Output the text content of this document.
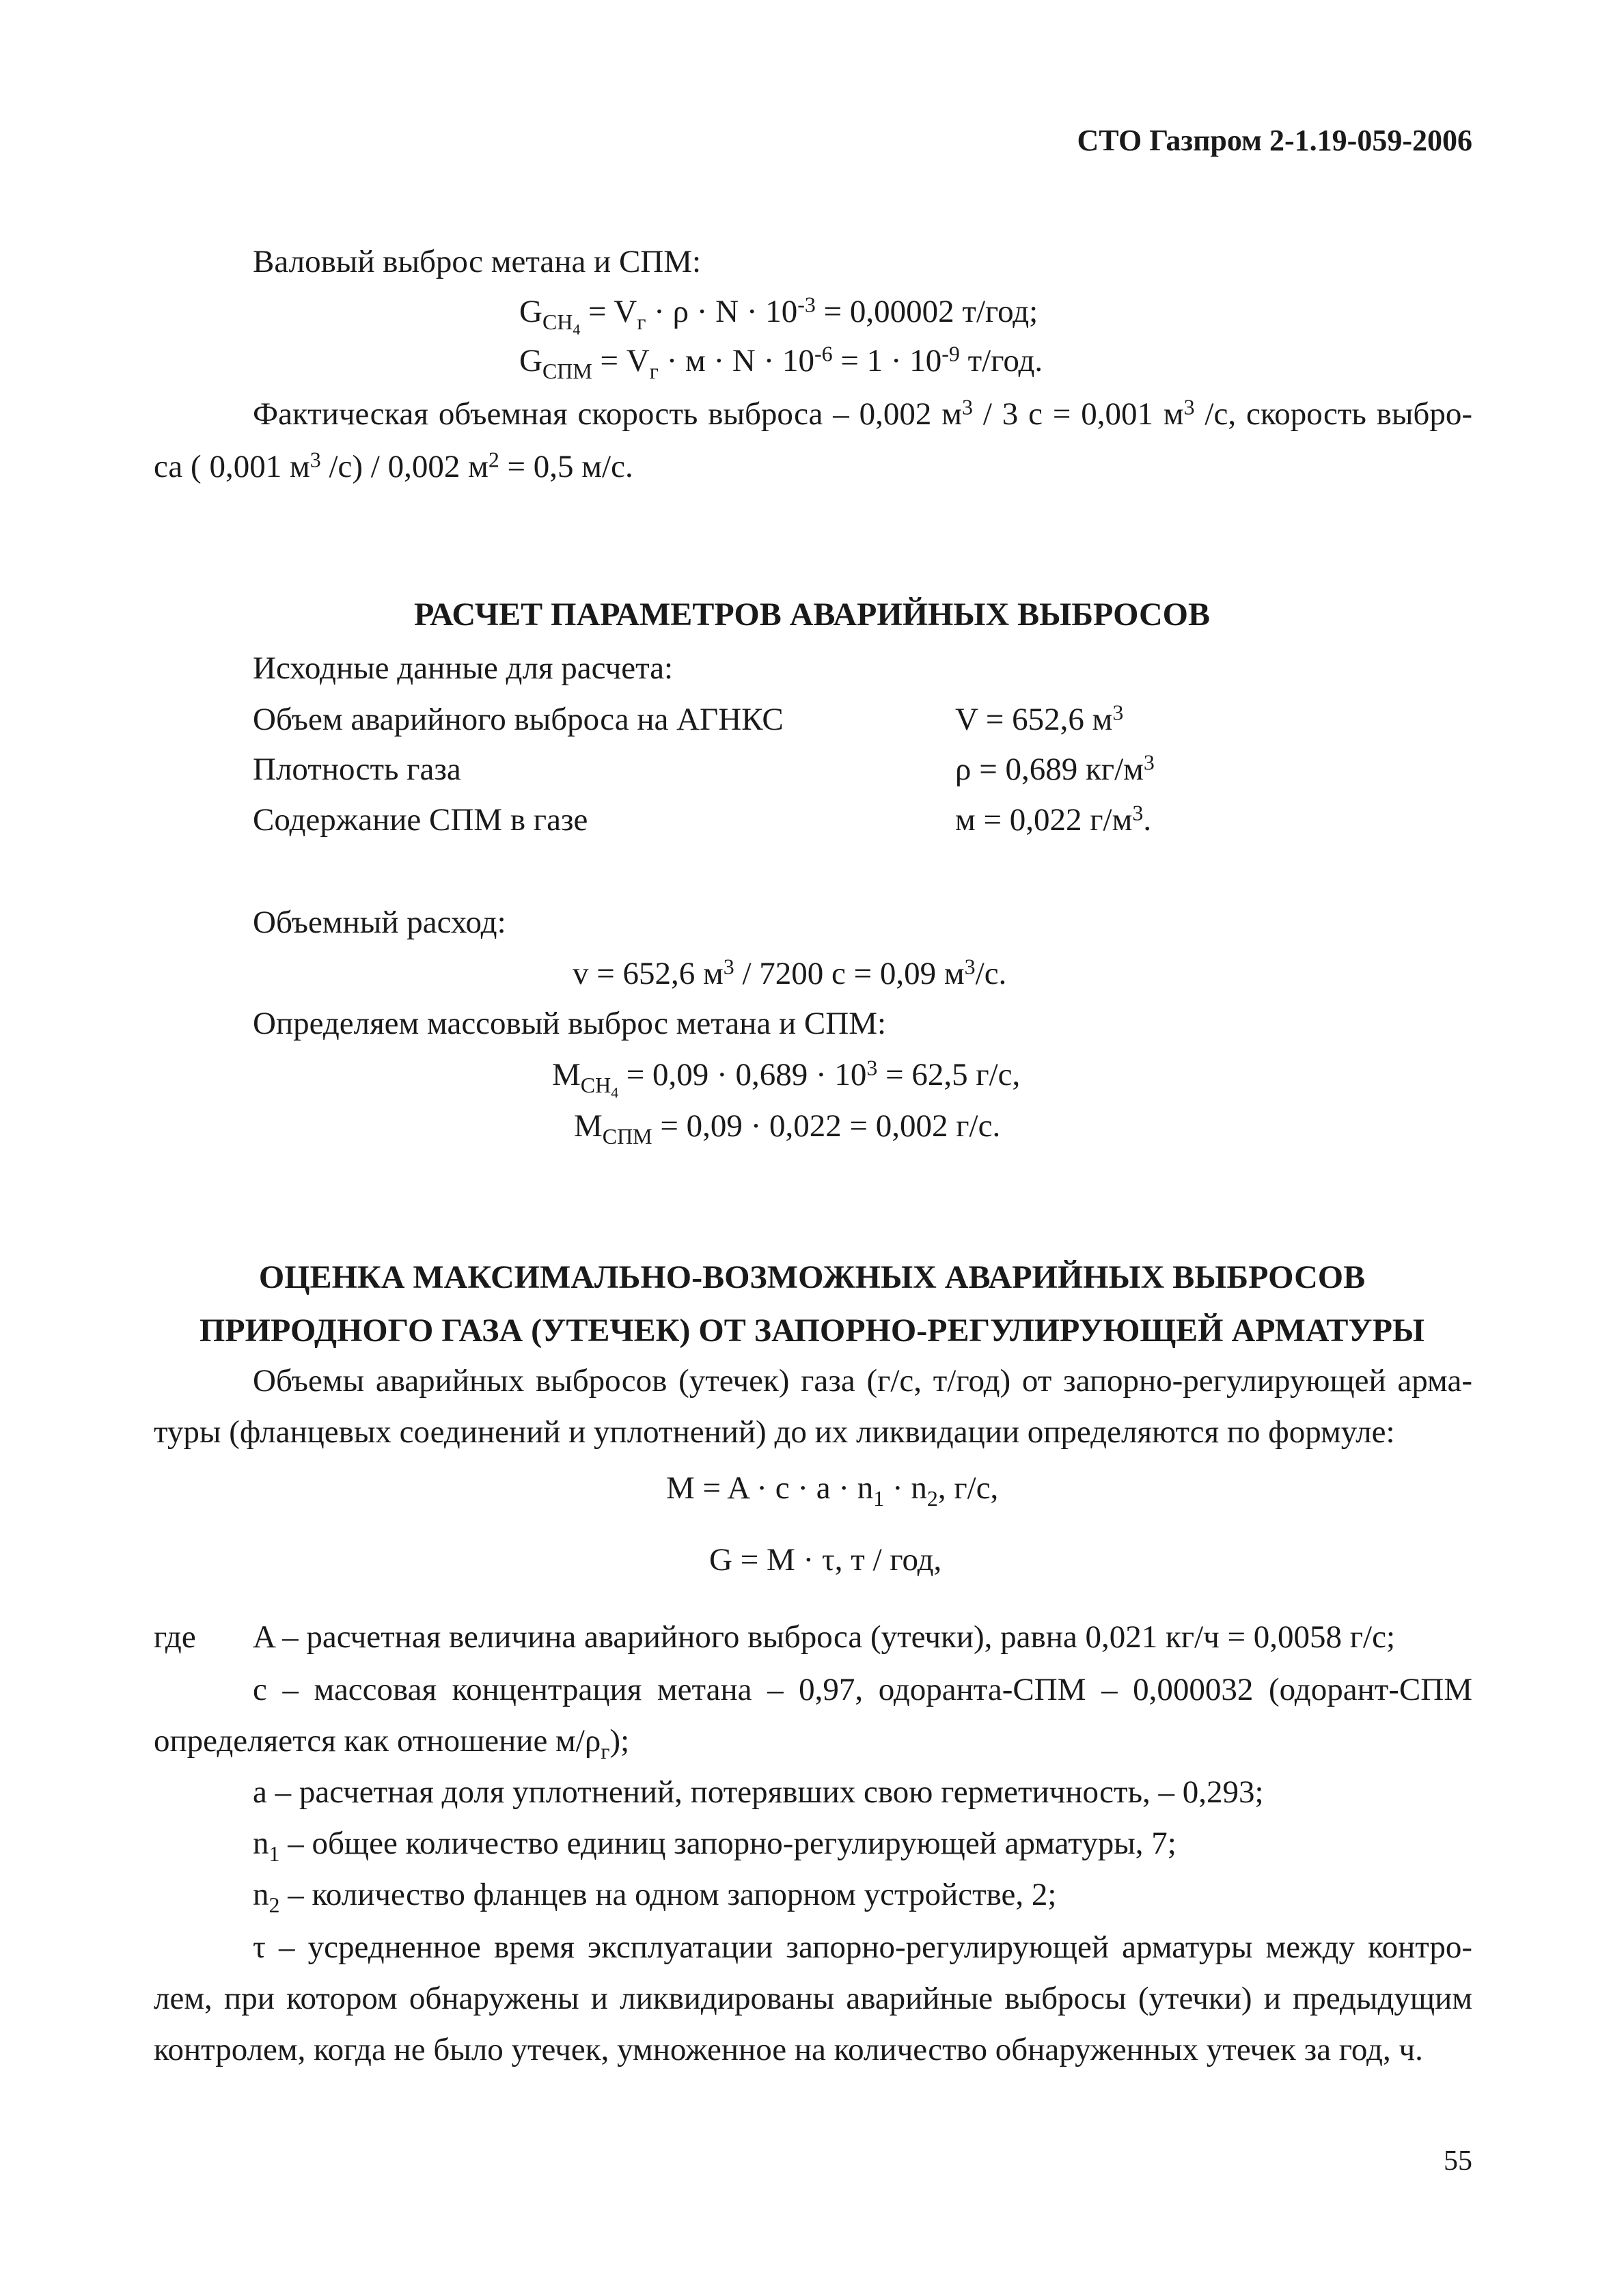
СТО Газпром 2-1.19-059-2006
Валовый выброс метана и СПМ:
$G_{CH_4} = V_г \cdot \rho \cdot N \cdot 10^{-3} = 0,00002$ т/год;
$G_{СПМ} = V_г \cdot м \cdot N \cdot 10^{-6} = 1 \cdot 10^{-9}$ т/год.
Фактическая объемная скорость выброса – 0,002 $м^3 / 3$ с = 0,001 $м^3$ /с, скорость выбро-
са ( 0,001 $м^3$ /с) / 0,002 $м^2 = 0,5$ м/с.
РАСЧЕТ ПАРАМЕТРОВ АВАРИЙНЫХ ВЫБРОСОВ
Исходные данные для расчета:
Объем аварийного выброса на АГНКС	V = 652,6 $м^3$
Плотность газа	ρ = 0,689 $кг/м^3$
Содержание СПМ в газе	м = 0,022 $г/м^3$.
Объемный расход:
v = 652,6 $м^3 / 7200$ с = 0,09 $м^3/с$.
Определяем массовый выброс метана и СПМ:
$M_{CH_4} = 0,09 \cdot 0,689 \cdot 10^3 = 62,5$ г/с,
$M_{СПМ} = 0,09 \cdot 0,022 = 0,002$ г/с.
ОЦЕНКА МАКСИМАЛЬНО-ВОЗМОЖНЫХ АВАРИЙНЫХ ВЫБРОСОВ
ПРИРОДНОГО ГАЗА (УТЕЧЕК) ОТ ЗАПОРНО-РЕГУЛИРУЮЩЕЙ АРМАТУРЫ
Объемы аварийных выбросов (утечек) газа (г/с, т/год) от запорно-регулирующей арма-
туры (фланцевых соединений и уплотнений) до их ликвидации определяются по формуле:
$M = A \cdot c \cdot a \cdot n_1 \cdot n_2$, г/с,
G = M · τ, т / год,
где A – расчетная величина аварийного выброса (утечки), равна 0,021 кг/ч = 0,0058 г/с;
c – массовая концентрация метана – 0,97, одоранта-СПМ – 0,000032 (одорант-СПМ
определяется как отношение $м/\rho_г$);
a – расчетная доля уплотнений, потерявших свою герметичность, – 0,293;
$n_1$ – общее количество единиц запорно-регулирующей арматуры, 7;
$n_2$ – количество фланцев на одном запорном устройстве, 2;
τ – усредненное время эксплуатации запорно-регулирующей арматуры между контро-
лем, при котором обнаружены и ликвидированы аварийные выбросы (утечки) и предыдущим
контролем, когда не было утечек, умноженное на количество обнаруженных утечек за год, ч.
55
